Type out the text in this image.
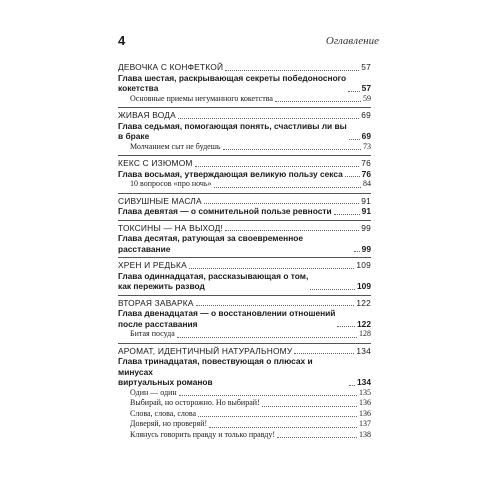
4	Оглавление
ДЕВОЧКА С КОНФЕТКОЙ	57
Глава шестая, раскрывающая секреты победоносного
кокетства	57
Основные приемы негуманного кокетства	59
ЖИВАЯ ВОДА	69
Глава седьмая, помогающая понять, счастливы ли вы
в браке	69
Молчанием сыт не будешь	73
КЕКС С ИЗЮМОМ	76
Глава восьмая, утверждающая великую пользу секса 76
10 вопросов «про ночь»	84
СИВУШНЫЕ МАСЛА	91
Глава девятая — о сомнительной пользе ревности	91
ТОКСИНЫ — НА ВЫХОД!	99
Глава десятая, ратующая за своевременное расставание	99
ХРЕН И РЕДЬКА	109
Глава одиннадцатая, рассказывающая о том,
как пережить развод	109
ВТОРАЯ ЗАВАРКА	122
Глава двенадцатая — о восстановлении отношений
после расставания	122
Битая посуда	128
АРОМАТ, ИДЕНТИЧНЫЙ НАТУРАЛЬНОМУ	134
Глава тринадцатая, повествующая о плюсах и минусах
виртуальных романов	134
Один — один	135
Выбирай, но осторожно. Но выбирай!	136
Слова, слова, слова	136
Доверяй, но проверяй!	137
Клянусь говорить правду и только правду!	138
